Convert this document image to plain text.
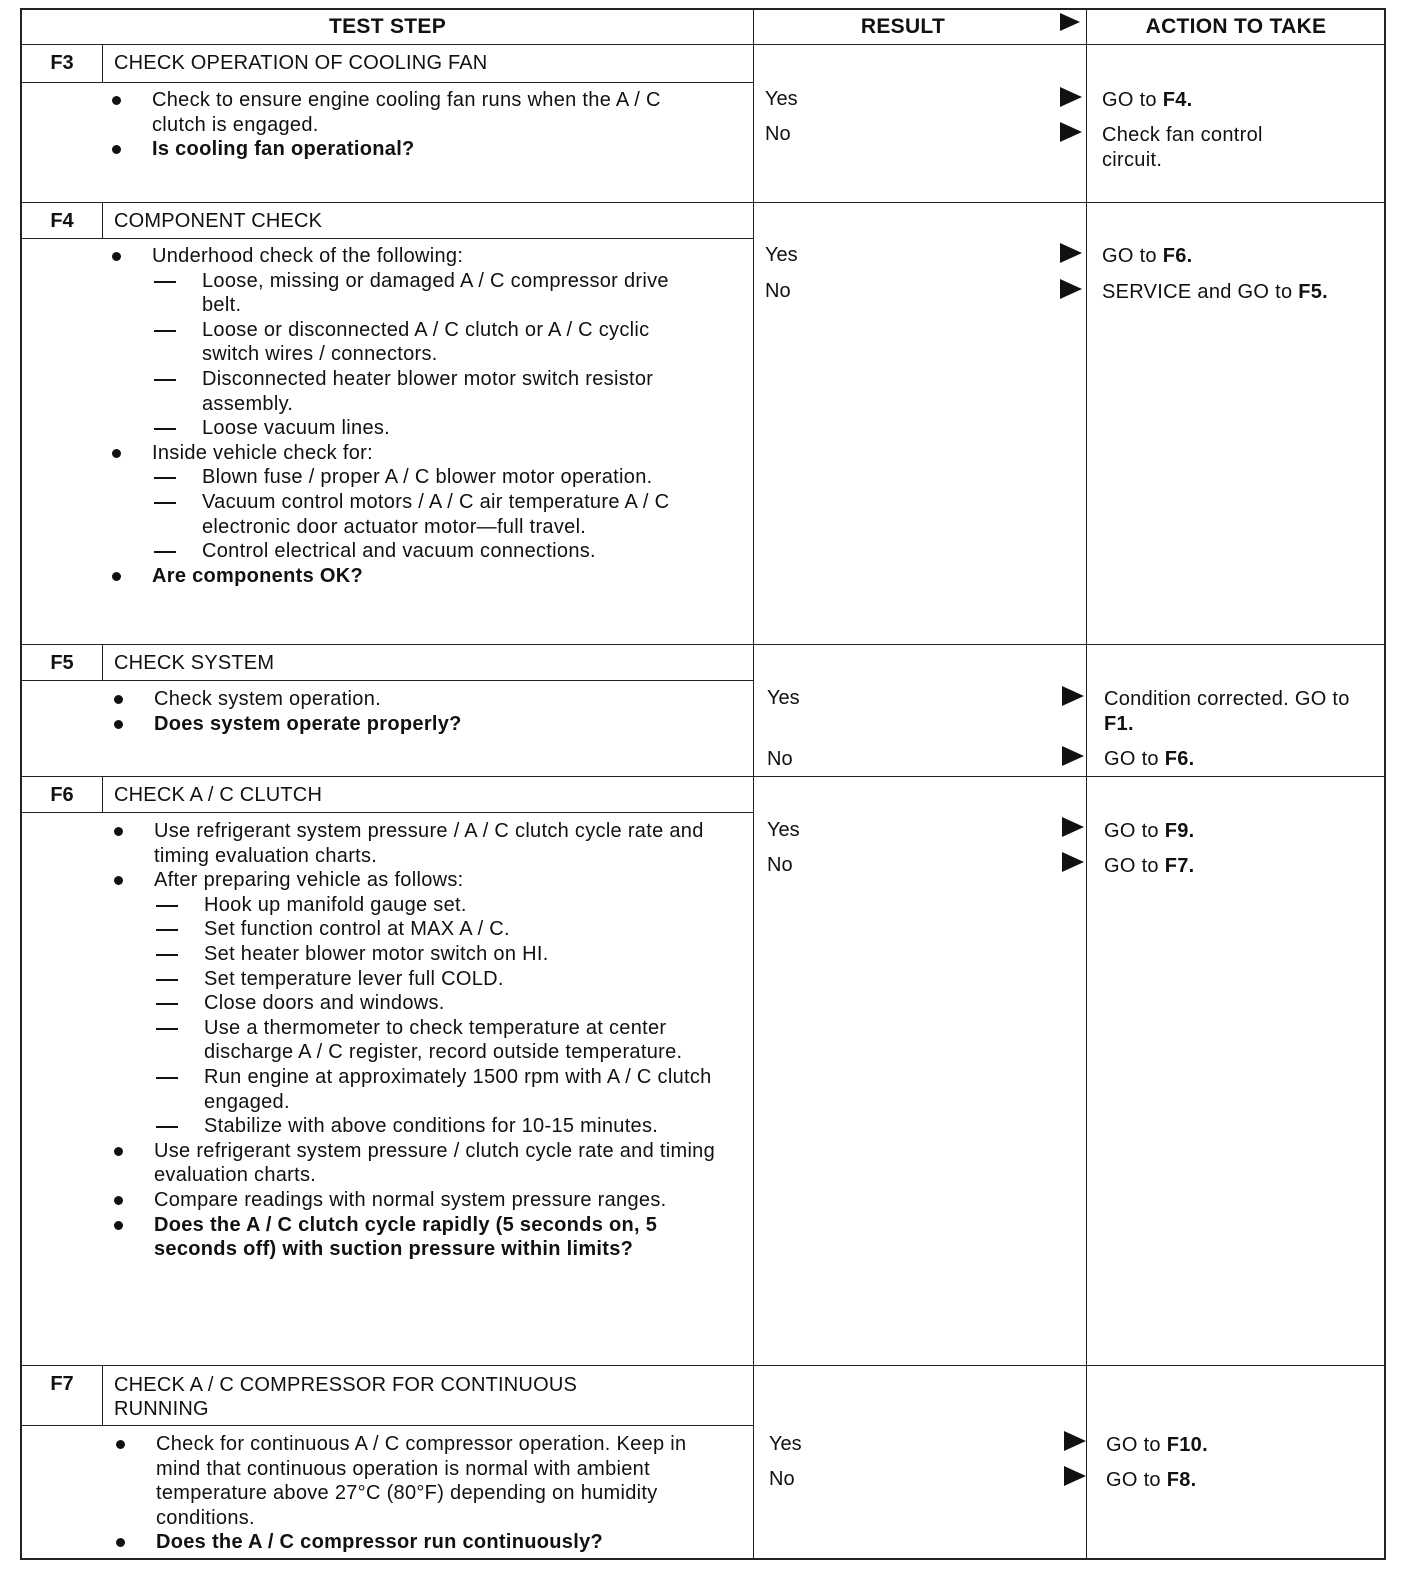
TEST STEP	RESULT	ACTION TO TAKE
F3	CHECK OPERATION OF COOLING FAN
Check to ensure engine cooling fan runs when the A / C clutch is engaged.
Is cooling fan operational?
Yes	GO to F4.
No	Check fan control circuit.
F4	COMPONENT CHECK
Underhood check of the following:
Loose, missing or damaged A / C compressor drive belt.
Loose or disconnected A / C clutch or A / C cyclic switch wires / connectors.
Disconnected heater blower motor switch resistor assembly.
Loose vacuum lines.
Inside vehicle check for:
Blown fuse / proper A / C blower motor operation.
Vacuum control motors / A / C air temperature A / C electronic door actuator motor—full travel.
Control electrical and vacuum connections.
Are components OK?
Yes	GO to F6.
No	SERVICE and GO to F5.
F5	CHECK SYSTEM
Check system operation.
Does system operate properly?
Yes	Condition corrected. GO to F1.
No	GO to F6.
F6	CHECK A / C CLUTCH
Use refrigerant system pressure / A / C clutch cycle rate and timing evaluation charts.
After preparing vehicle as follows:
Hook up manifold gauge set.
Set function control at MAX A / C.
Set heater blower motor switch on HI.
Set temperature lever full COLD.
Close doors and windows.
Use a thermometer to check temperature at center discharge A / C register, record outside temperature.
Run engine at approximately 1500 rpm with A / C clutch engaged.
Stabilize with above conditions for 10-15 minutes.
Use refrigerant system pressure / clutch cycle rate and timing evaluation charts.
Compare readings with normal system pressure ranges.
Does the A / C clutch cycle rapidly (5 seconds on, 5 seconds off) with suction pressure within limits?
Yes	GO to F9.
No	GO to F7.
F7	CHECK A / C COMPRESSOR FOR CONTINUOUS RUNNING
Check for continuous A / C compressor operation. Keep in mind that continuous operation is normal with ambient temperature above 27°C (80°F) depending on humidity conditions.
Does the A / C compressor run continuously?
Yes	GO to F10.
No	GO to F8.
